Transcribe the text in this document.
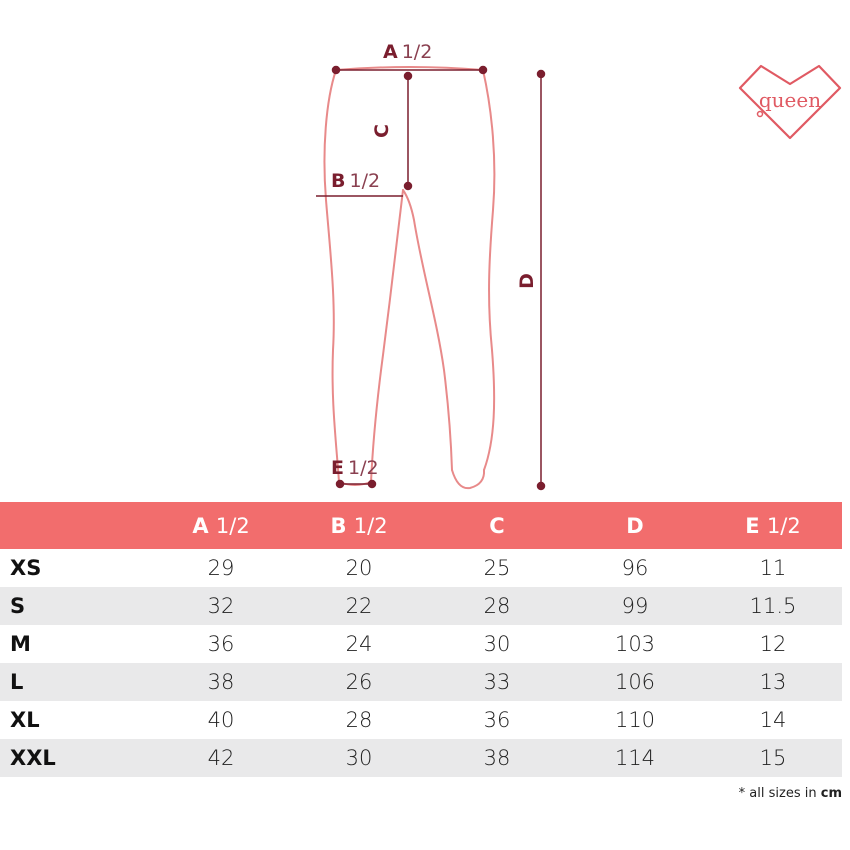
A 1/2
B 1/2
C
D
E 1/2
queen
	A 1/2	B 1/2	C	D	E 1/2
XS	29	20	25	96	11
S	32	22	28	99	11.5
M	36	24	30	103	12
L	38	26	33	106	13
XL	40	28	36	110	14
XXL	42	30	38	114	15
* all sizes in cm
